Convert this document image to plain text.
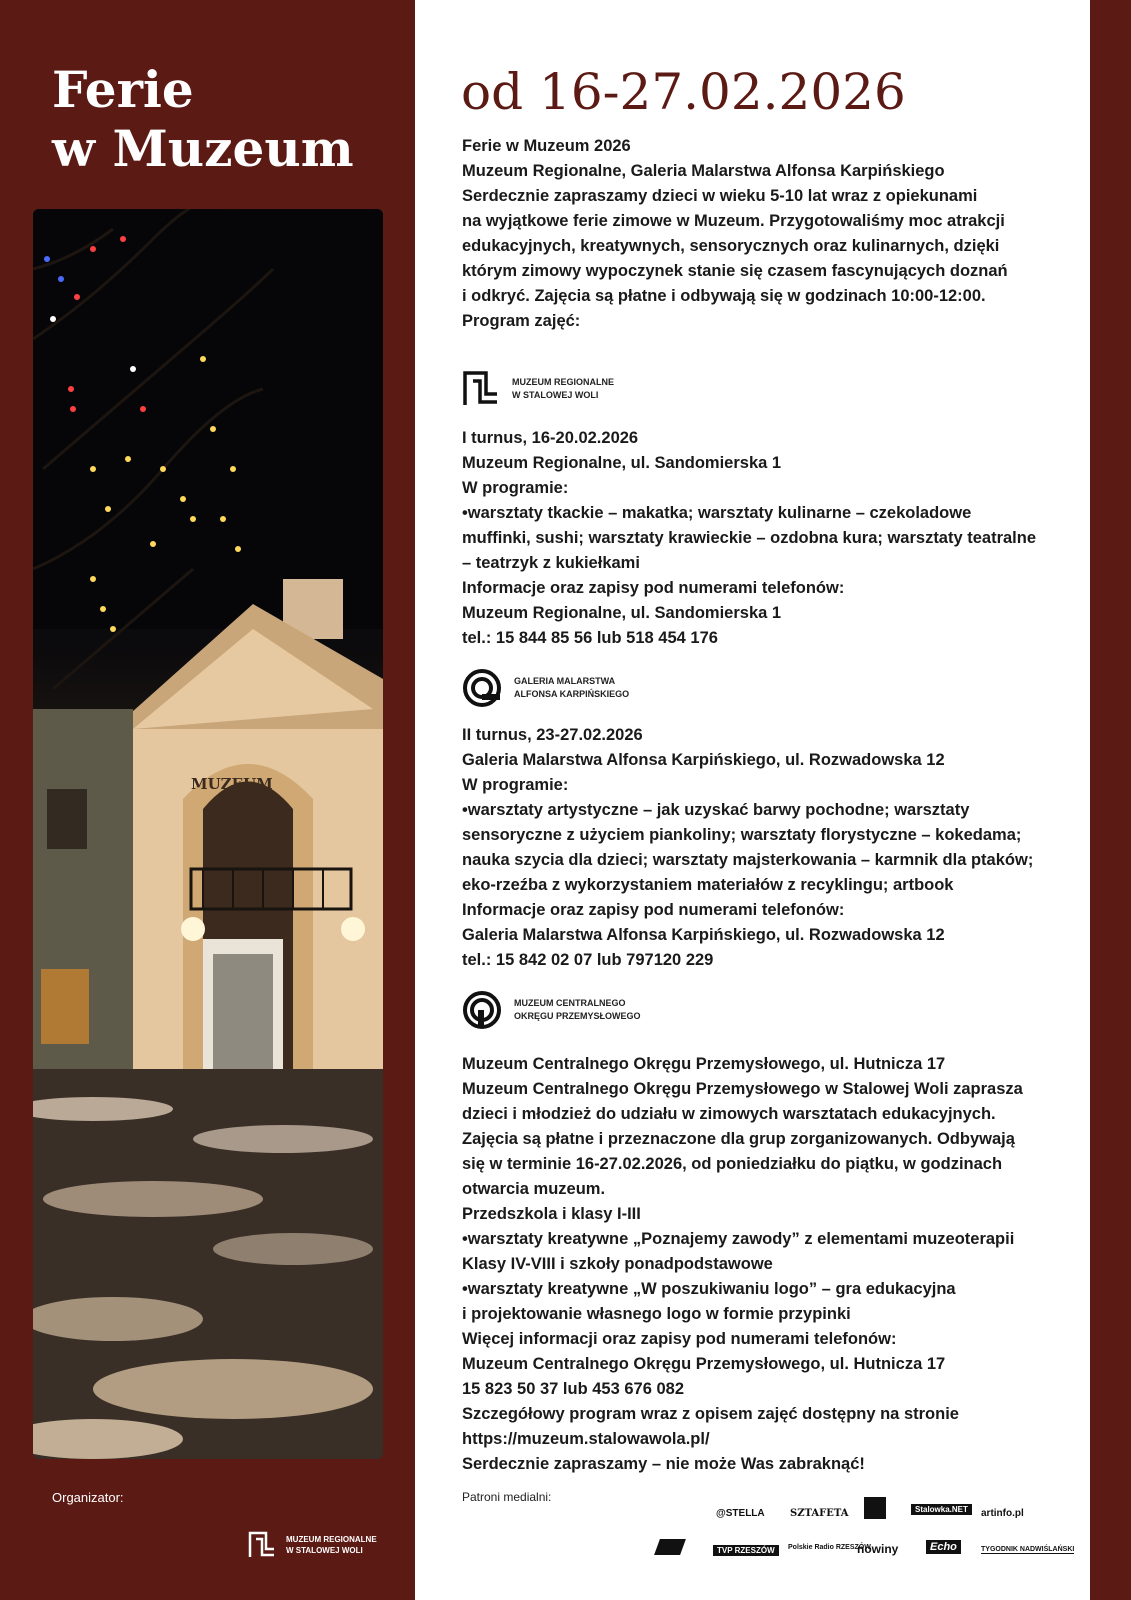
Ferie
w Muzeum
MUZEUM
Organizator:
MUZEUM REGIONALNE
W STALOWEJ WOLI
od 16-27.02.2026

Ferie w Muzeum 2026

Muzeum Regionalne, Galeria Malarstwa Alfonsa Karpińskiego

Serdecznie zapraszamy dzieci w wieku 5-10 lat wraz z opiekunami

na wyjątkowe ferie zimowe w Muzeum. Przygotowaliśmy moc atrakcji

edukacyjnych, kreatywnych, sensorycznych oraz kulinarnych, dzięki

którym zimowy wypoczynek stanie się czasem fascynujących doznań

i odkryć. Zajęcia są płatne i odbywają się w godzinach 10:00-12:00.

Program zajęć:

MUZEUM REGIONALNE
W STALOWEJ WOLI

I turnus, 16-20.02.2026

Muzeum Regionalne, ul. Sandomierska 1

W programie:

•warsztaty tkackie – makatka; warsztaty kulinarne – czekoladowe

muffinki, sushi; warsztaty krawieckie – ozdobna kura; warsztaty teatralne

– teatrzyk z kukiełkami

Informacje oraz zapisy pod numerami telefonów:

Muzeum Regionalne, ul. Sandomierska 1

tel.: 15 844 85 56 lub 518 454 176

GALERIA MALARSTWA
ALFONSA KARPIŃSKIEGO

II turnus, 23-27.02.2026

Galeria Malarstwa Alfonsa Karpińskiego, ul. Rozwadowska 12

W programie:

•warsztaty artystyczne – jak uzyskać barwy pochodne; warsztaty

sensoryczne z użyciem piankoliny; warsztaty florystyczne – kokedama;

nauka szycia dla dzieci; warsztaty majsterkowania – karmnik dla ptaków;

eko-rzeźba z wykorzystaniem materiałów z recyklingu; artbook

Informacje oraz zapisy pod numerami telefonów:

Galeria Malarstwa Alfonsa Karpińskiego, ul. Rozwadowska 12

tel.: 15 842 02 07 lub 797120 229

MUZEUM CENTRALNEGO
OKRĘGU PRZEMYSŁOWEGO

Muzeum Centralnego Okręgu Przemysłowego, ul. Hutnicza 17

Muzeum Centralnego Okręgu Przemysłowego w Stalowej Woli zaprasza

dzieci i młodzież do udziału w zimowych warsztatach edukacyjnych.

Zajęcia są płatne i przeznaczone dla grup zorganizowanych. Odbywają

się w terminie 16-27.02.2026, od poniedziałku do piątku, w godzinach

otwarcia muzeum.

Przedszkola i klasy I-III

•warsztaty kreatywne „Poznajemy zawody” z elementami muzeoterapii

Klasy IV-VIII i szkoły ponadpodstawowe

•warsztaty kreatywne „W poszukiwaniu logo” – gra edukacyjna

i projektowanie własnego logo w formie przypinki

Więcej informacji oraz zapisy pod numerami telefonów:

Muzeum Centralnego Okręgu Przemysłowego, ul. Hutnicza 17

15 823 50 37 lub 453 676 082

Szczegółowy program wraz z opisem zajęć dostępny na stronie

https://muzeum.stalowawola.pl/

Serdecznie zapraszamy – nie może Was zabraknąć!

Patroni medialni:
@STELLA	SZTAFETA	Stalowka.NET	artinfo.pl
TVP RZESZÓW	Polskie Radio RZESZÓW
nowiny	Echo	TYGODNIK NADWIŚLAŃSKI
